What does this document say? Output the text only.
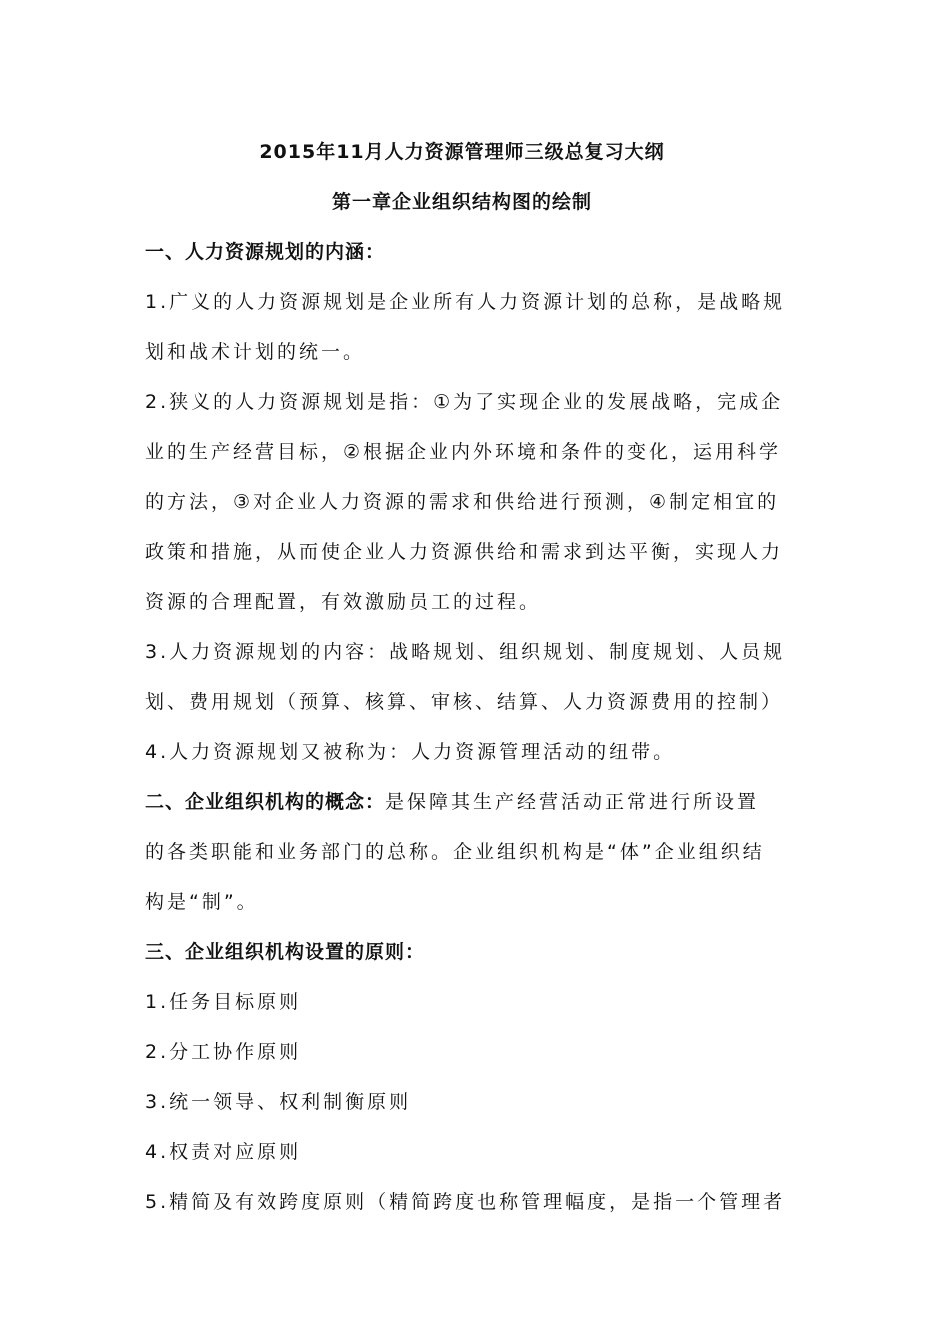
2015年11月人力资源管理师三级总复习大纲
第一章企业组织结构图的绘制
一、人力资源规划的内涵：
1.广义的人力资源规划是企业所有人力资源计划的总称，是战略规
划和战术计划的统一。
2.狭义的人力资源规划是指：①为了实现企业的发展战略，完成企
业的生产经营目标，②根据企业内外环境和条件的变化，运用科学
的方法，③对企业人力资源的需求和供给进行预测，④制定相宜的
政策和措施，从而使企业人力资源供给和需求到达平衡，实现人力
资源的合理配置，有效激励员工的过程。
3.人力资源规划的内容：战略规划、组织规划、制度规划、人员规
划、费用规划（预算、核算、审核、结算、人力资源费用的控制）
4.人力资源规划又被称为：人力资源管理活动的纽带。
二、企业组织机构的概念：是保障其生产经营活动正常进行所设置
的各类职能和业务部门的总称。企业组织机构是“体”企业组织结
构是“制”。
三、企业组织机构设置的原则：
1.任务目标原则
2.分工协作原则
3.统一领导、权利制衡原则
4.权责对应原则
5.精简及有效跨度原则（精简跨度也称管理幅度，是指一个管理者
